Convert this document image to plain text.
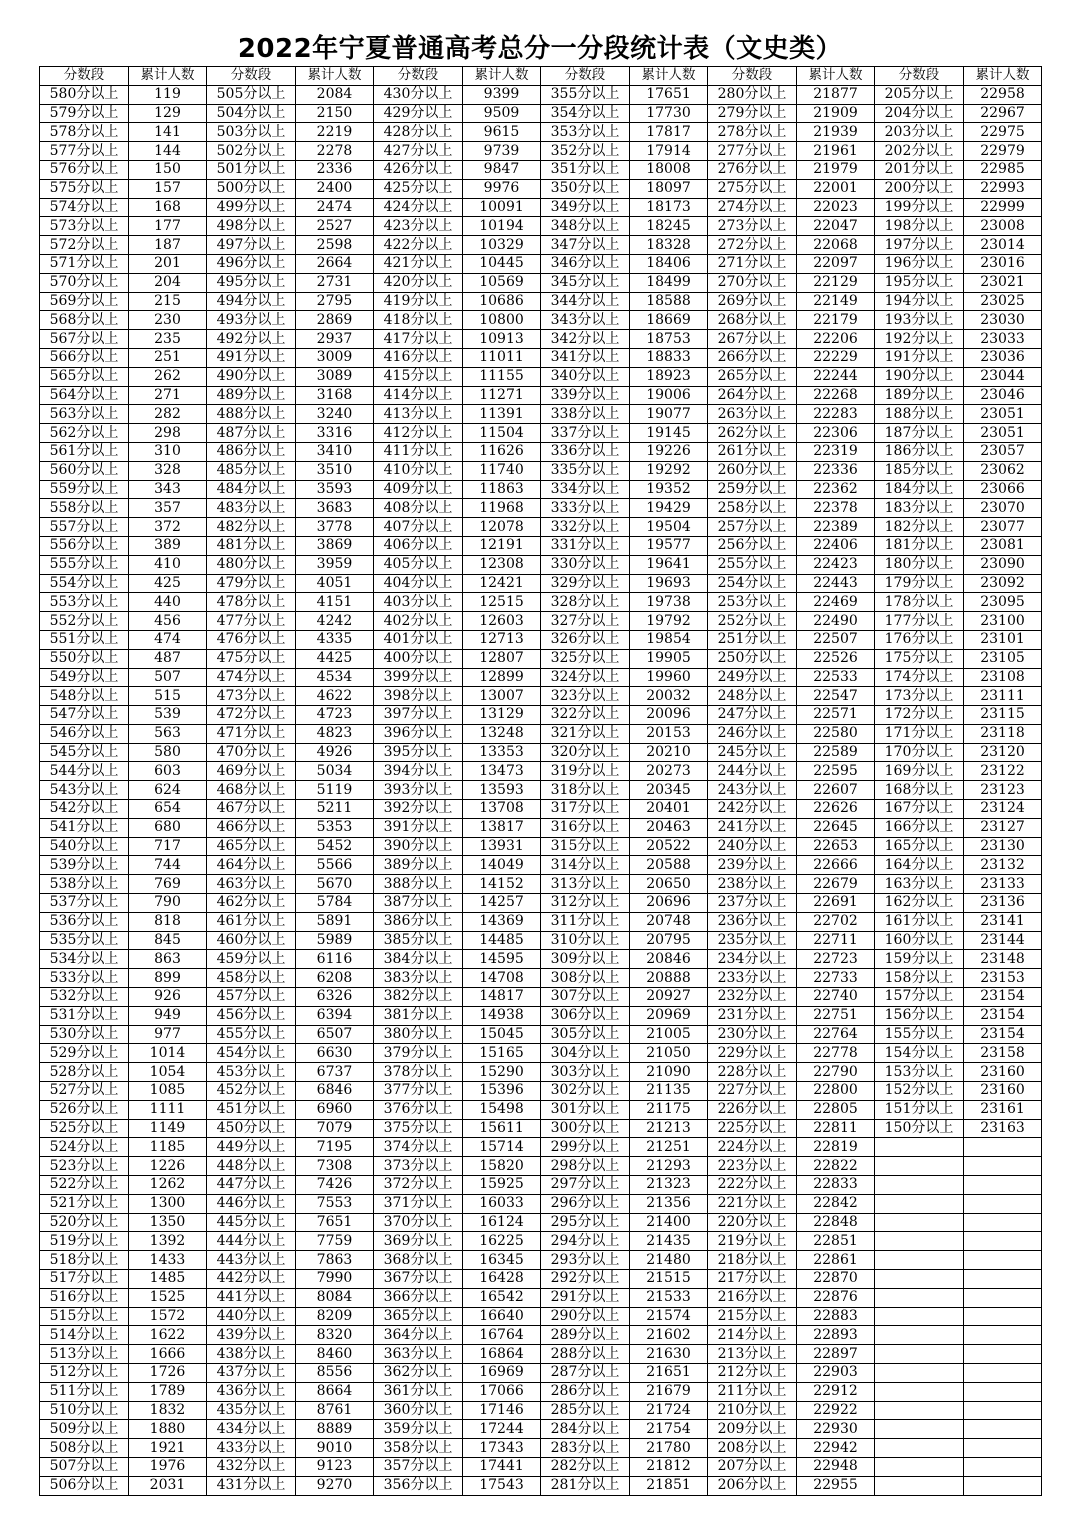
2022年宁夏普通高考总分一分段统计表（文史类）
分数段	累计人数	分数段	累计人数	分数段	累计人数	分数段	累计人数	分数段	累计人数	分数段	累计人数
580分以上	119	505分以上	2084	430分以上	9399	355分以上	17651	280分以上	21877	205分以上	22958
579分以上	129	504分以上	2150	429分以上	9509	354分以上	17730	279分以上	21909	204分以上	22967
578分以上	141	503分以上	2219	428分以上	9615	353分以上	17817	278分以上	21939	203分以上	22975
577分以上	144	502分以上	2278	427分以上	9739	352分以上	17914	277分以上	21961	202分以上	22979
576分以上	150	501分以上	2336	426分以上	9847	351分以上	18008	276分以上	21979	201分以上	22985
575分以上	157	500分以上	2400	425分以上	9976	350分以上	18097	275分以上	22001	200分以上	22993
574分以上	168	499分以上	2474	424分以上	10091	349分以上	18173	274分以上	22023	199分以上	22999
573分以上	177	498分以上	2527	423分以上	10194	348分以上	18245	273分以上	22047	198分以上	23008
572分以上	187	497分以上	2598	422分以上	10329	347分以上	18328	272分以上	22068	197分以上	23014
571分以上	201	496分以上	2664	421分以上	10445	346分以上	18406	271分以上	22097	196分以上	23016
570分以上	204	495分以上	2731	420分以上	10569	345分以上	18499	270分以上	22129	195分以上	23021
569分以上	215	494分以上	2795	419分以上	10686	344分以上	18588	269分以上	22149	194分以上	23025
568分以上	230	493分以上	2869	418分以上	10800	343分以上	18669	268分以上	22179	193分以上	23030
567分以上	235	492分以上	2937	417分以上	10913	342分以上	18753	267分以上	22206	192分以上	23033
566分以上	251	491分以上	3009	416分以上	11011	341分以上	18833	266分以上	22229	191分以上	23036
565分以上	262	490分以上	3089	415分以上	11155	340分以上	18923	265分以上	22244	190分以上	23044
564分以上	271	489分以上	3168	414分以上	11271	339分以上	19006	264分以上	22268	189分以上	23046
563分以上	282	488分以上	3240	413分以上	11391	338分以上	19077	263分以上	22283	188分以上	23051
562分以上	298	487分以上	3316	412分以上	11504	337分以上	19145	262分以上	22306	187分以上	23051
561分以上	310	486分以上	3410	411分以上	11626	336分以上	19226	261分以上	22319	186分以上	23057
560分以上	328	485分以上	3510	410分以上	11740	335分以上	19292	260分以上	22336	185分以上	23062
559分以上	343	484分以上	3593	409分以上	11863	334分以上	19352	259分以上	22362	184分以上	23066
558分以上	357	483分以上	3683	408分以上	11968	333分以上	19429	258分以上	22378	183分以上	23070
557分以上	372	482分以上	3778	407分以上	12078	332分以上	19504	257分以上	22389	182分以上	23077
556分以上	389	481分以上	3869	406分以上	12191	331分以上	19577	256分以上	22406	181分以上	23081
555分以上	410	480分以上	3959	405分以上	12308	330分以上	19641	255分以上	22423	180分以上	23090
554分以上	425	479分以上	4051	404分以上	12421	329分以上	19693	254分以上	22443	179分以上	23092
553分以上	440	478分以上	4151	403分以上	12515	328分以上	19738	253分以上	22469	178分以上	23095
552分以上	456	477分以上	4242	402分以上	12603	327分以上	19792	252分以上	22490	177分以上	23100
551分以上	474	476分以上	4335	401分以上	12713	326分以上	19854	251分以上	22507	176分以上	23101
550分以上	487	475分以上	4425	400分以上	12807	325分以上	19905	250分以上	22526	175分以上	23105
549分以上	507	474分以上	4534	399分以上	12899	324分以上	19960	249分以上	22533	174分以上	23108
548分以上	515	473分以上	4622	398分以上	13007	323分以上	20032	248分以上	22547	173分以上	23111
547分以上	539	472分以上	4723	397分以上	13129	322分以上	20096	247分以上	22571	172分以上	23115
546分以上	563	471分以上	4823	396分以上	13248	321分以上	20153	246分以上	22580	171分以上	23118
545分以上	580	470分以上	4926	395分以上	13353	320分以上	20210	245分以上	22589	170分以上	23120
544分以上	603	469分以上	5034	394分以上	13473	319分以上	20273	244分以上	22595	169分以上	23122
543分以上	624	468分以上	5119	393分以上	13593	318分以上	20345	243分以上	22607	168分以上	23123
542分以上	654	467分以上	5211	392分以上	13708	317分以上	20401	242分以上	22626	167分以上	23124
541分以上	680	466分以上	5353	391分以上	13817	316分以上	20463	241分以上	22645	166分以上	23127
540分以上	717	465分以上	5452	390分以上	13931	315分以上	20522	240分以上	22653	165分以上	23130
539分以上	744	464分以上	5566	389分以上	14049	314分以上	20588	239分以上	22666	164分以上	23132
538分以上	769	463分以上	5670	388分以上	14152	313分以上	20650	238分以上	22679	163分以上	23133
537分以上	790	462分以上	5784	387分以上	14257	312分以上	20696	237分以上	22691	162分以上	23136
536分以上	818	461分以上	5891	386分以上	14369	311分以上	20748	236分以上	22702	161分以上	23141
535分以上	845	460分以上	5989	385分以上	14485	310分以上	20795	235分以上	22711	160分以上	23144
534分以上	863	459分以上	6116	384分以上	14595	309分以上	20846	234分以上	22723	159分以上	23148
533分以上	899	458分以上	6208	383分以上	14708	308分以上	20888	233分以上	22733	158分以上	23153
532分以上	926	457分以上	6326	382分以上	14817	307分以上	20927	232分以上	22740	157分以上	23154
531分以上	949	456分以上	6394	381分以上	14938	306分以上	20969	231分以上	22751	156分以上	23154
530分以上	977	455分以上	6507	380分以上	15045	305分以上	21005	230分以上	22764	155分以上	23154
529分以上	1014	454分以上	6630	379分以上	15165	304分以上	21050	229分以上	22778	154分以上	23158
528分以上	1054	453分以上	6737	378分以上	15290	303分以上	21090	228分以上	22790	153分以上	23160
527分以上	1085	452分以上	6846	377分以上	15396	302分以上	21135	227分以上	22800	152分以上	23160
526分以上	1111	451分以上	6960	376分以上	15498	301分以上	21175	226分以上	22805	151分以上	23161
525分以上	1149	450分以上	7079	375分以上	15611	300分以上	21213	225分以上	22811	150分以上	23163
524分以上	1185	449分以上	7195	374分以上	15714	299分以上	21251	224分以上	22819		
523分以上	1226	448分以上	7308	373分以上	15820	298分以上	21293	223分以上	22822		
522分以上	1262	447分以上	7426	372分以上	15925	297分以上	21323	222分以上	22833		
521分以上	1300	446分以上	7553	371分以上	16033	296分以上	21356	221分以上	22842		
520分以上	1350	445分以上	7651	370分以上	16124	295分以上	21400	220分以上	22848		
519分以上	1392	444分以上	7759	369分以上	16225	294分以上	21435	219分以上	22851		
518分以上	1433	443分以上	7863	368分以上	16345	293分以上	21480	218分以上	22861		
517分以上	1485	442分以上	7990	367分以上	16428	292分以上	21515	217分以上	22870		
516分以上	1525	441分以上	8084	366分以上	16542	291分以上	21533	216分以上	22876		
515分以上	1572	440分以上	8209	365分以上	16640	290分以上	21574	215分以上	22883		
514分以上	1622	439分以上	8320	364分以上	16764	289分以上	21602	214分以上	22893		
513分以上	1666	438分以上	8460	363分以上	16864	288分以上	21630	213分以上	22897		
512分以上	1726	437分以上	8556	362分以上	16969	287分以上	21651	212分以上	22903		
511分以上	1789	436分以上	8664	361分以上	17066	286分以上	21679	211分以上	22912		
510分以上	1832	435分以上	8761	360分以上	17146	285分以上	21724	210分以上	22922		
509分以上	1880	434分以上	8889	359分以上	17244	284分以上	21754	209分以上	22930		
508分以上	1921	433分以上	9010	358分以上	17343	283分以上	21780	208分以上	22942		
507分以上	1976	432分以上	9123	357分以上	17441	282分以上	21812	207分以上	22948		
506分以上	2031	431分以上	9270	356分以上	17543	281分以上	21851	206分以上	22955		
